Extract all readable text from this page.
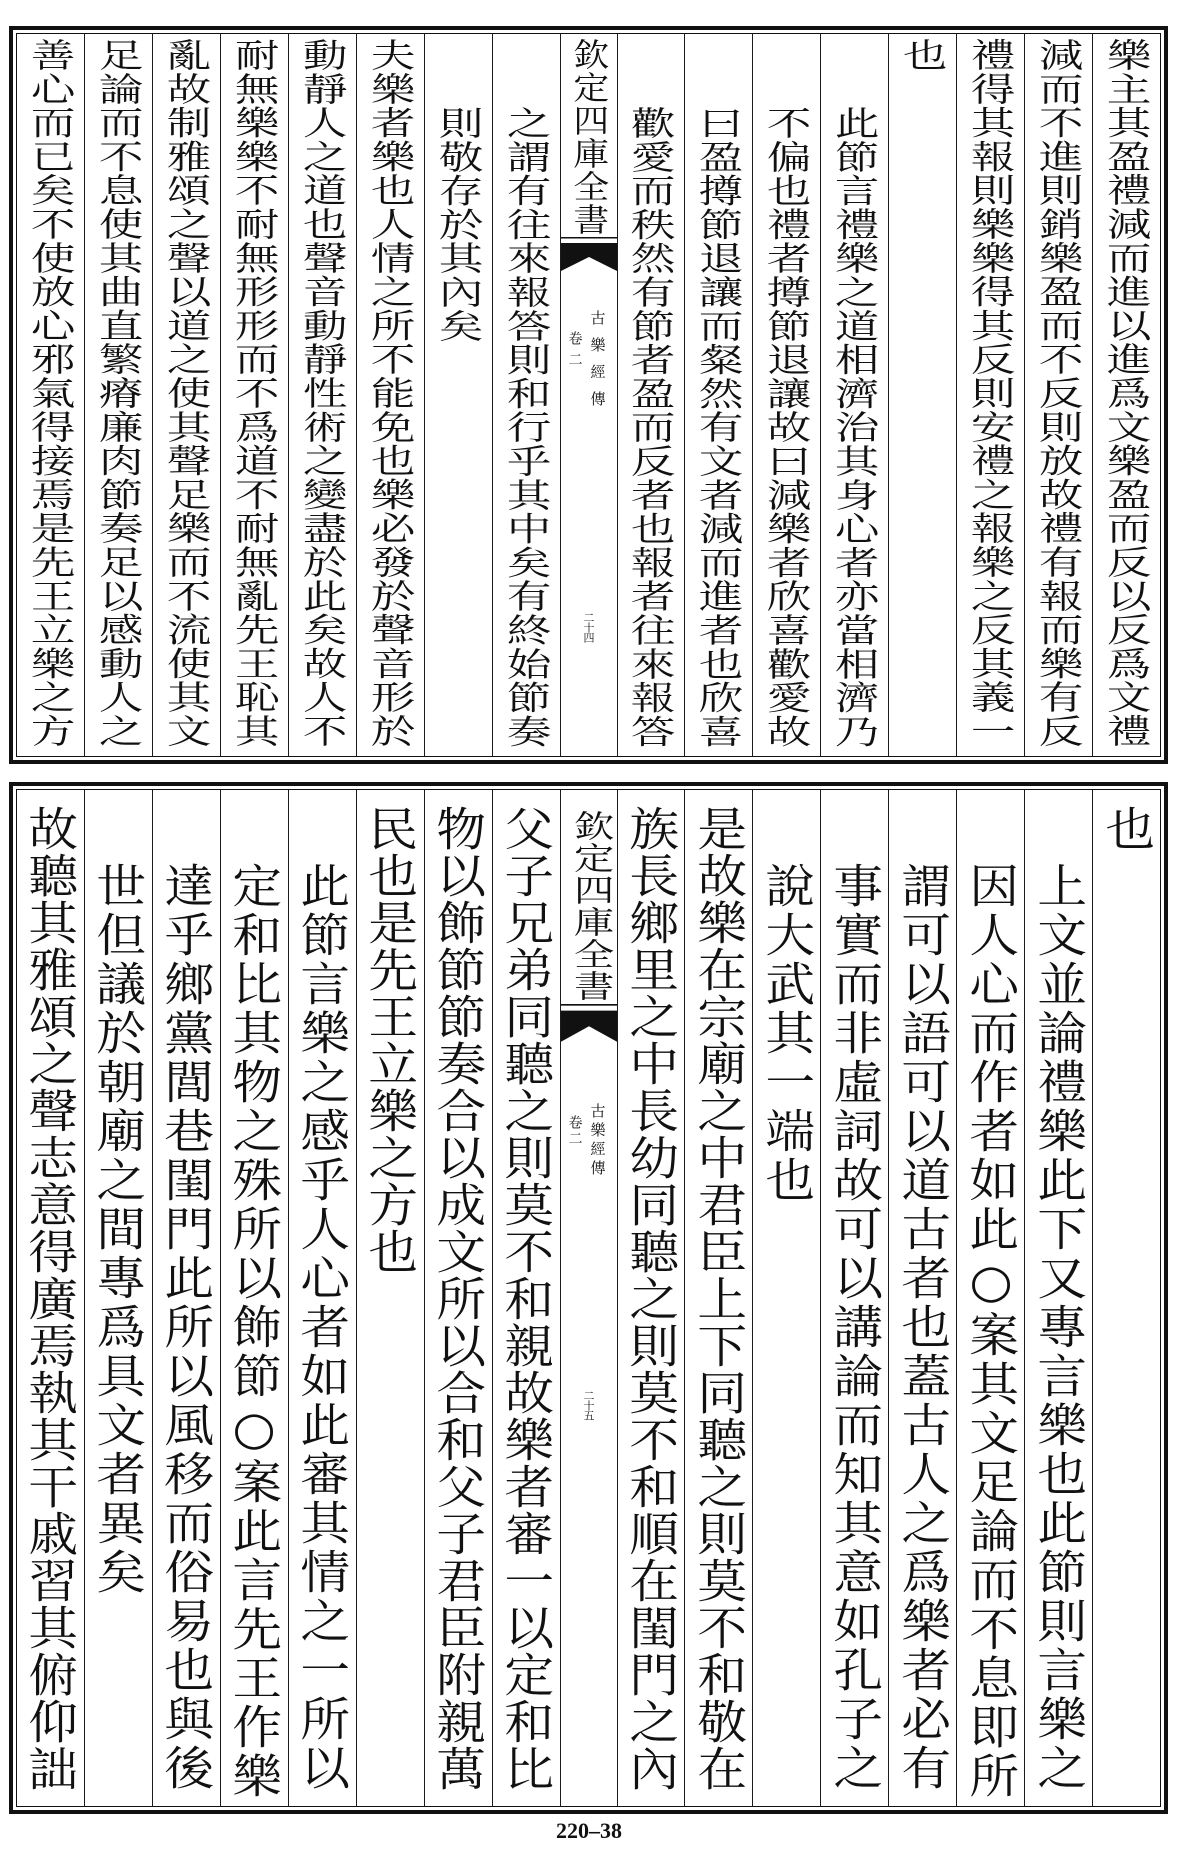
樂主其盈禮減而進以進爲文樂盈而反以反爲文禮
減而不進則銷樂盈而不反則放故禮有報而樂有反
禮得其報則樂樂得其反則安禮之報樂之反其義一
也
此節言禮樂之道相濟治其身心者亦當相濟乃
不偏也禮者撙節退讓故曰減樂者欣喜歡愛故
曰盈撙節退讓而粲然有文者減而進者也欣喜
歡愛而秩然有節者盈而反者也報者往來報答
欽定四庫全書
古樂經傳
卷二
二十四
之謂有往來報答則和行乎其中矣有終始節奏
則敬存於其內矣
夫樂者樂也人情之所不能免也樂必發於聲音形於
動靜人之道也聲音動靜性術之變盡於此矣故人不
耐無樂樂不耐無形形而不爲道不耐無亂先王恥其
亂故制雅頌之聲以道之使其聲足樂而不流使其文
足論而不息使其曲直繁瘠廉肉節奏足以感動人之
善心而已矣不使放心邪氣得接焉是先王立樂之方
也
上文並論禮樂此下又專言樂也此節則言樂之
因人心而作者如此○案其文足論而不息即所
謂可以語可以道古者也蓋古人之爲樂者必有
事實而非虛詞故可以講論而知其意如孔子之
說大武其一端也
是故樂在宗廟之中君臣上下同聽之則莫不和敬在
族長鄉里之中長幼同聽之則莫不和順在閨門之內
欽定四庫全書
古樂經傳
卷二
二十五
父子兄弟同聽之則莫不和親故樂者審一以定和比
物以飾節節奏合以成文所以合和父子君臣附親萬
民也是先王立樂之方也
此節言樂之感乎人心者如此審其情之一所以
定和比其物之殊所以飾節○案此言先王作樂
達乎鄉黨閭巷閨門此所以風移而俗易也與後
世但議於朝廟之間專爲具文者異矣
故聽其雅頌之聲志意得廣焉執其干戚習其俯仰詘
220–38
